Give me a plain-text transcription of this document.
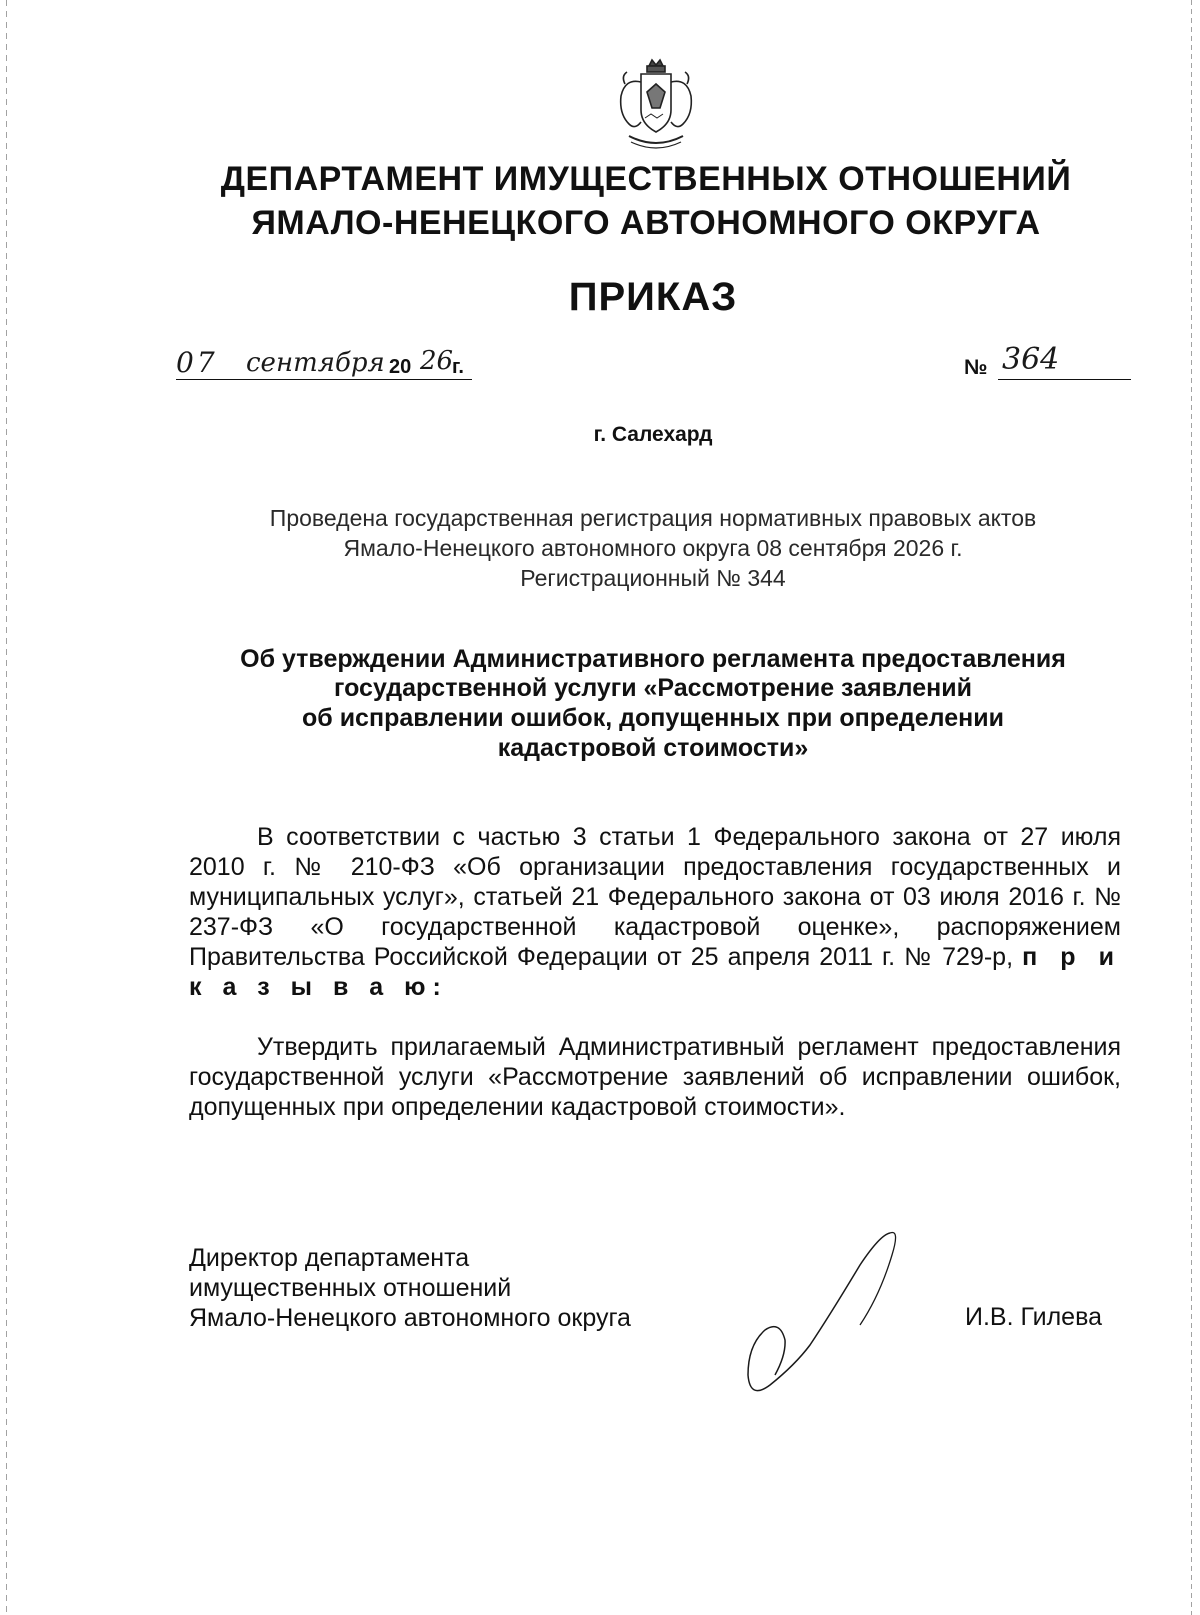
ДЕПАРТАМЕНТ ИМУЩЕСТВЕННЫХ ОТНОШЕНИЙ
ЯМАЛО-НЕНЕЦКОГО АВТОНОМНОГО ОКРУГА
ПРИКАЗ
07 сентября 20 26
г.	№ 364
г. Салехард
Проведена государственная регистрация нормативных правовых актов
Ямало-Ненецкого автономного округа 08 сентября 2026 г.
Регистрационный № 344
Об утверждении Административного регламента предоставления
государственной услуги «Рассмотрение заявлений
об исправлении ошибок, допущенных при определении
кадастровой стоимости»
В соответствии с частью 3 статьи 1 Федерального закона от 27 июля 2010 г. № 210-ФЗ «Об организации предоставления государственных и муниципальных услуг», статьей 21 Федерального закона от 03 июля 2016 г. № 237-ФЗ «О государственной кадастровой оценке», распоряжением Правительства Российской Федерации от 25 апреля 2011 г. № 729-р, п р и к а з ы в а ю:
Утвердить прилагаемый Административный регламент предоставления государственной услуги «Рассмотрение заявлений об исправлении ошибок, допущенных при определении кадастровой стоимости».
Директор департамента
имущественных отношений
Ямало-Ненецкого автономного округа	И.В. Гилева
